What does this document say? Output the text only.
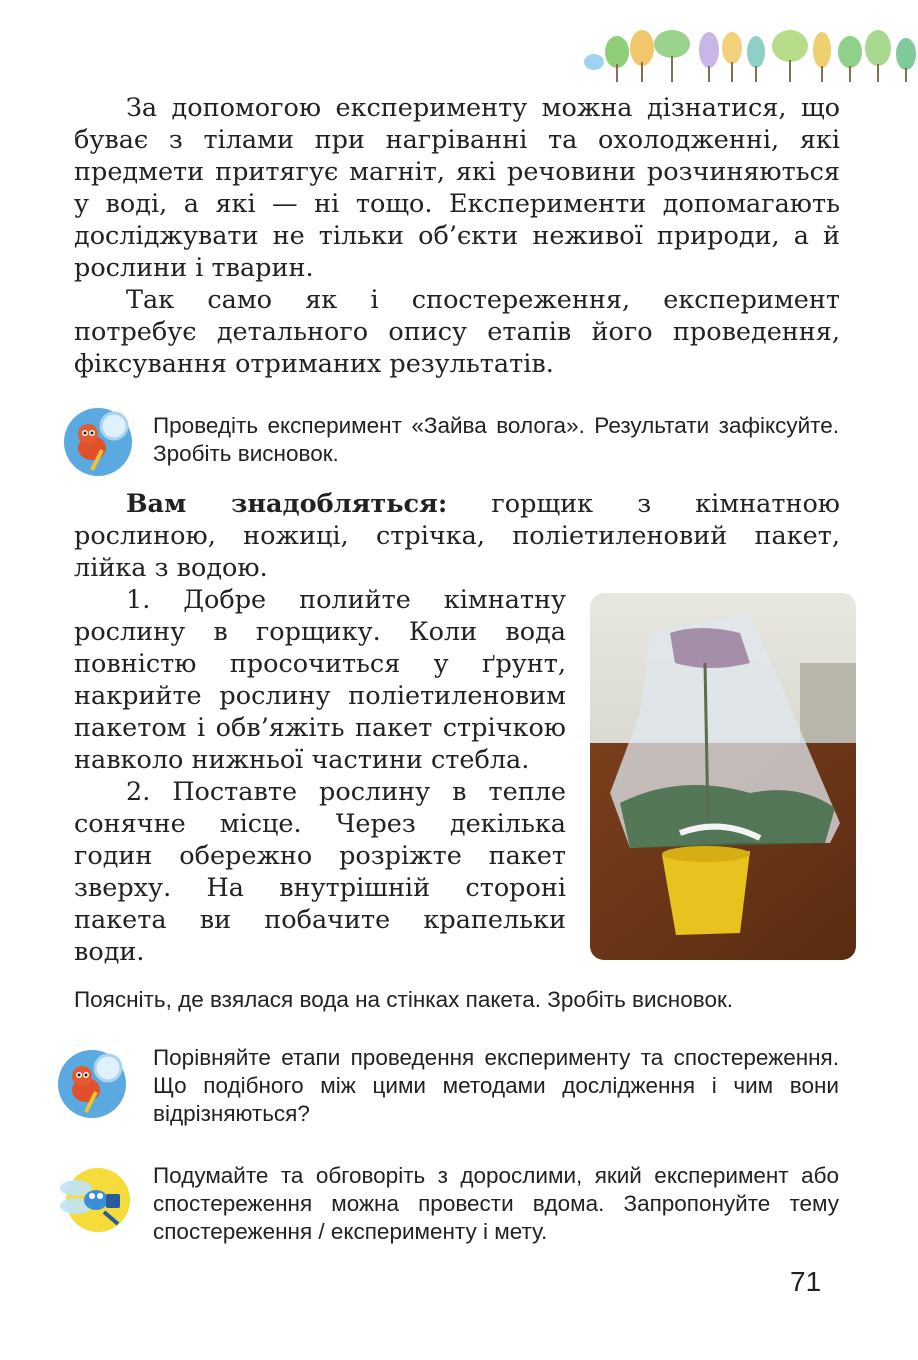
За допомогою експерименту можна дізнатися, що буває з тілами при нагріванні та охолодженні, які предмети притягує магніт, які речовини розчиняються у воді, а які — ні тощо. Експерименти допомагають досліджувати не тільки об’єкти неживої природи, а й рослини і тварин.

Так само як і спостереження, експеримент потребує детального опису етапів його проведення, фіксування отриманих результатів.

Проведіть експеримент «Зайва волога». Результати зафіксуйте. Зробіть висновок.

Вам знадобляться: горщик з кімнатною рослиною, ножиці, стрічка, поліетиленовий пакет, лійка з водою.

1. Добре полийте кімнатну рослину в горщику. Коли вода повністю просочиться у ґрунт, накрийте рослину поліетиленовим пакетом і обв’яжіть пакет стрічкою навколо нижньої частини стебла.

2. Поставте рослину в тепле сонячне місце. Через декілька годин обережно розріжте пакет зверху. На внутрішній стороні пакета ви побачите крапельки води.

Поясніть, де взялася вода на стінках пакета. Зробіть висновок.
Порівняйте етапи проведення експерименту та спостереження. Що подібного між цими методами дослідження і чим вони відрізняються?
Подумайте та обговоріть з дорослими, який експеримент або спостереження можна провести вдома. Запропонуйте тему спостереження / експерименту і мету.
71
